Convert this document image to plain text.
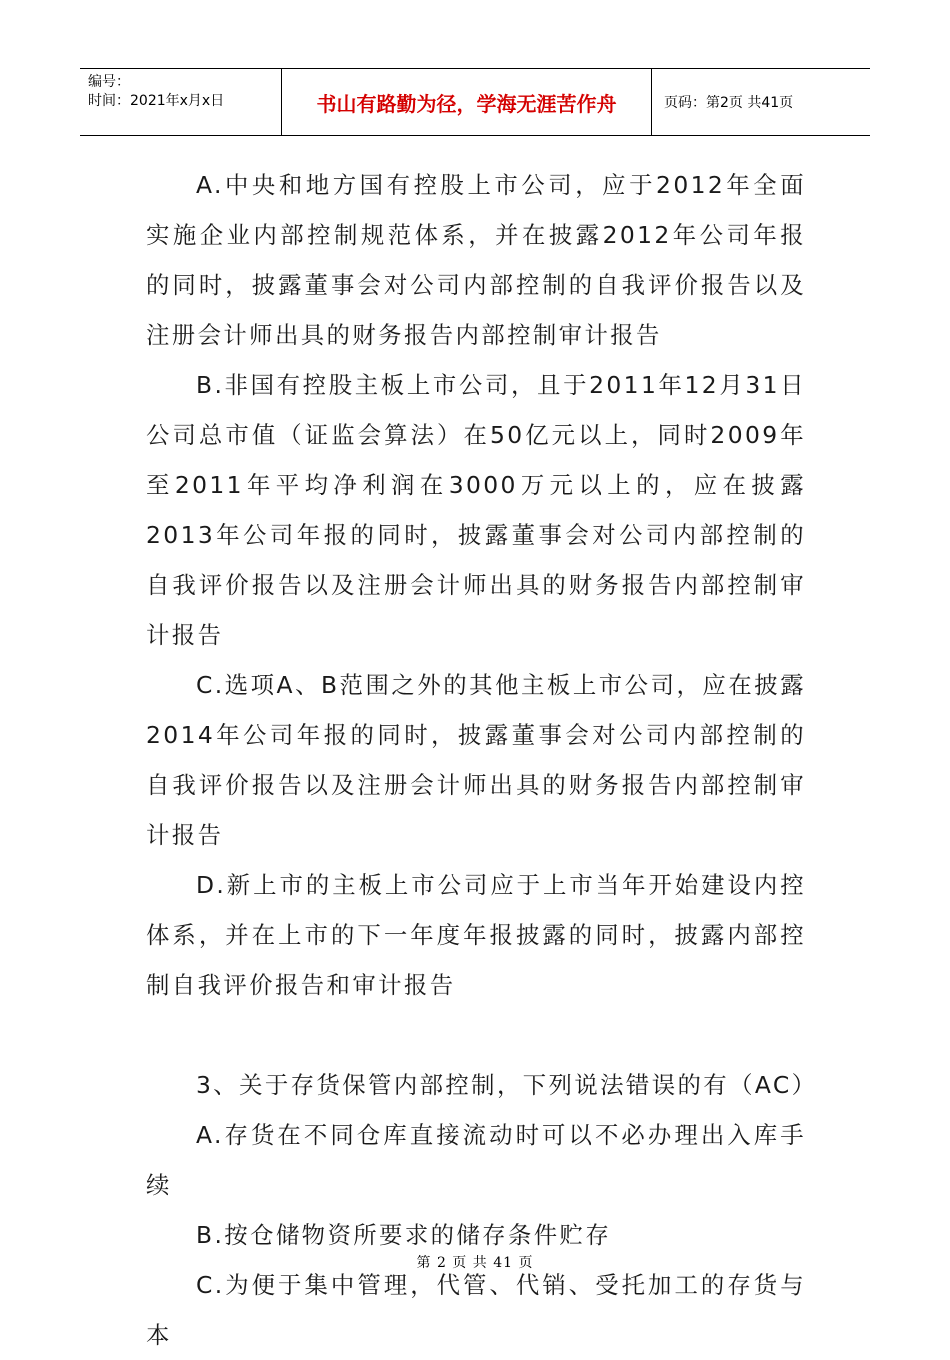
编号：
时间：2021年x月x日	书山有路勤为径，学海无涯苦作舟	页码：第2页 共41页

A.中央和地方国有控股上市公司，应于2012年全面实施企业内部控制规范体系，并在披露2012年公司年报的同时，披露董事会对公司内部控制的自我评价报告以及注册会计师出具的财务报告内部控制审计报告

B.非国有控股主板上市公司，且于2011年12月31日公司总市值（证监会算法）在50亿元以上，同时2009年至2011年平均净利润在3000万元以上的，应在披露2013年公司年报的同时，披露董事会对公司内部控制的自我评价报告以及注册会计师出具的财务报告内部控制审计报告

C.选项A、B范围之外的其他主板上市公司，应在披露2014年公司年报的同时，披露董事会对公司内部控制的自我评价报告以及注册会计师出具的财务报告内部控制审计报告

D.新上市的主板上市公司应于上市当年开始建设内控体系，并在上市的下一年度年报披露的同时，披露内部控制自我评价报告和审计报告

3、关于存货保管内部控制，下列说法错误的有（AC）

A.存货在不同仓库直接流动时可以不必办理出入库手续

B.按仓储物资所要求的储存条件贮存

C.为便于集中管理，代管、代销、受托加工的存货与本

第 2 页 共 41 页
